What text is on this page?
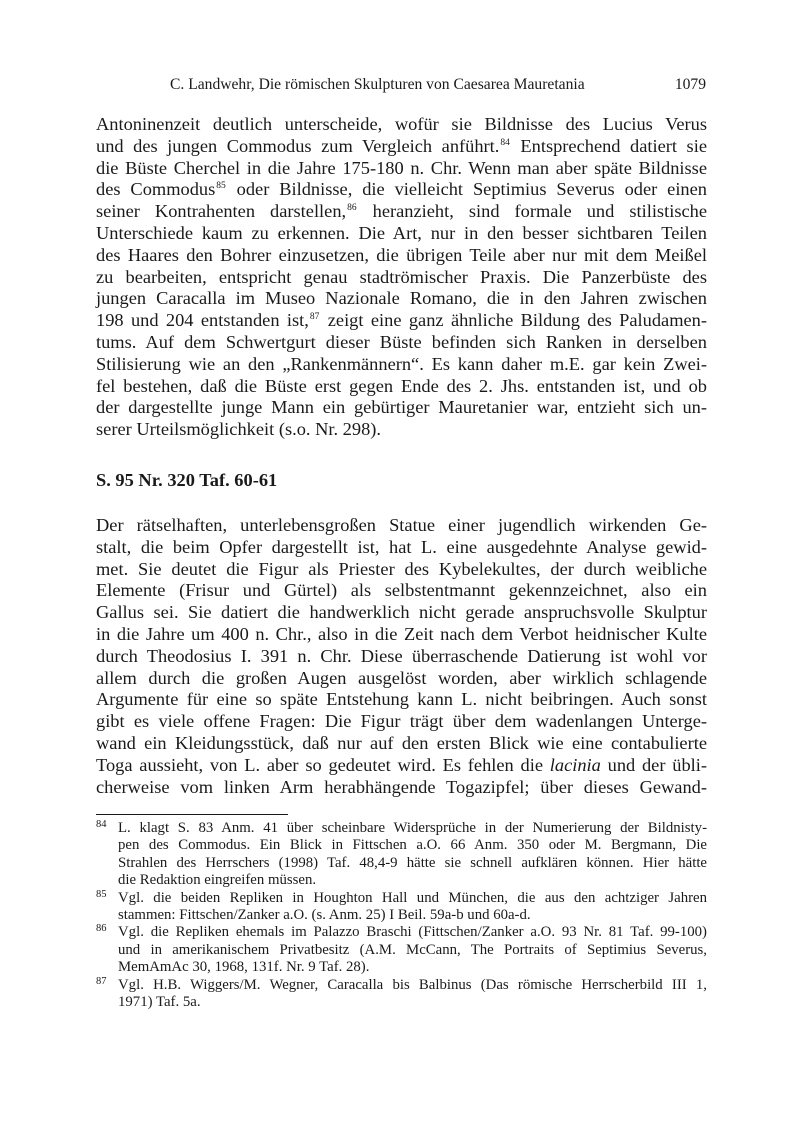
C. Landwehr, Die römischen Skulpturen von Caesarea Mauretania	1079
Antoninenzeit deutlich unterscheide, wofür sie Bildnisse des Lucius Verus
und des jungen Commodus zum Vergleich anführt.$^{84}$ Entsprechend datiert sie
die Büste Cherchel in die Jahre 175-180 n. Chr. Wenn man aber späte Bildnisse
des Commodus$^{85}$ oder Bildnisse, die vielleicht Septimius Severus oder einen
seiner Kontrahenten darstellen,$^{86}$ heranzieht, sind formale und stilistische
Unterschiede kaum zu erkennen. Die Art, nur in den besser sichtbaren Teilen
des Haares den Bohrer einzusetzen, die übrigen Teile aber nur mit dem Meißel
zu bearbeiten, entspricht genau stadtrömischer Praxis. Die Panzerbüste des
jungen Caracalla im Museo Nazionale Romano, die in den Jahren zwischen
198 und 204 entstanden ist,$^{87}$ zeigt eine ganz ähnliche Bildung des Paludamen-
tums. Auf dem Schwertgurt dieser Büste befinden sich Ranken in derselben
Stilisierung wie an den „Rankenmännern“. Es kann daher m.E. gar kein Zwei-
fel bestehen, daß die Büste erst gegen Ende des 2. Jhs. entstanden ist, und ob
der dargestellte junge Mann ein gebürtiger Mauretanier war, entzieht sich un-
serer Urteilsmöglichkeit (s.o. Nr. 298).
S. 95 Nr. 320 Taf. 60-61
Der rätselhaften, unterlebensgroßen Statue einer jugendlich wirkenden Ge-
stalt, die beim Opfer dargestellt ist, hat L. eine ausgedehnte Analyse gewid-
met. Sie deutet die Figur als Priester des Kybelekultes, der durch weibliche
Elemente (Frisur und Gürtel) als selbstentmannt gekennzeichnet, also ein
Gallus sei. Sie datiert die handwerklich nicht gerade anspruchsvolle Skulptur
in die Jahre um 400 n. Chr., also in die Zeit nach dem Verbot heidnischer Kulte
durch Theodosius I. 391 n. Chr. Diese überraschende Datierung ist wohl vor
allem durch die großen Augen ausgelöst worden, aber wirklich schlagende
Argumente für eine so späte Entstehung kann L. nicht beibringen. Auch sonst
gibt es viele offene Fragen: Die Figur trägt über dem wadenlangen Unterge-
wand ein Kleidungsstück, daß nur auf den ersten Blick wie eine contabulierte
Toga aussieht, von L. aber so gedeutet wird. Es fehlen die lacinia und der übli-
cherweise vom linken Arm herabhängende Togazipfel; über dieses Gewand-
84 L. klagt S. 83 Anm. 41 über scheinbare Widersprüche in der Numerierung der Bildnisty-
pen des Commodus. Ein Blick in Fittschen a.O. 66 Anm. 350 oder M. Bergmann, Die
Strahlen des Herrschers (1998) Taf. 48,4-9 hätte sie schnell aufklären können. Hier hätte
die Redaktion eingreifen müssen.
85 Vgl. die beiden Repliken in Houghton Hall und München, die aus den achtziger Jahren
stammen: Fittschen/Zanker a.O. (s. Anm. 25) I Beil. 59a-b und 60a-d.
86 Vgl. die Repliken ehemals im Palazzo Braschi (Fittschen/Zanker a.O. 93 Nr. 81 Taf. 99-100)
und in amerikanischem Privatbesitz (A.M. McCann, The Portraits of Septimius Severus,
MemAmAc 30, 1968, 131f. Nr. 9 Taf. 28).
87 Vgl. H.B. Wiggers/M. Wegner, Caracalla bis Balbinus (Das römische Herrscherbild III 1,
1971) Taf. 5a.
